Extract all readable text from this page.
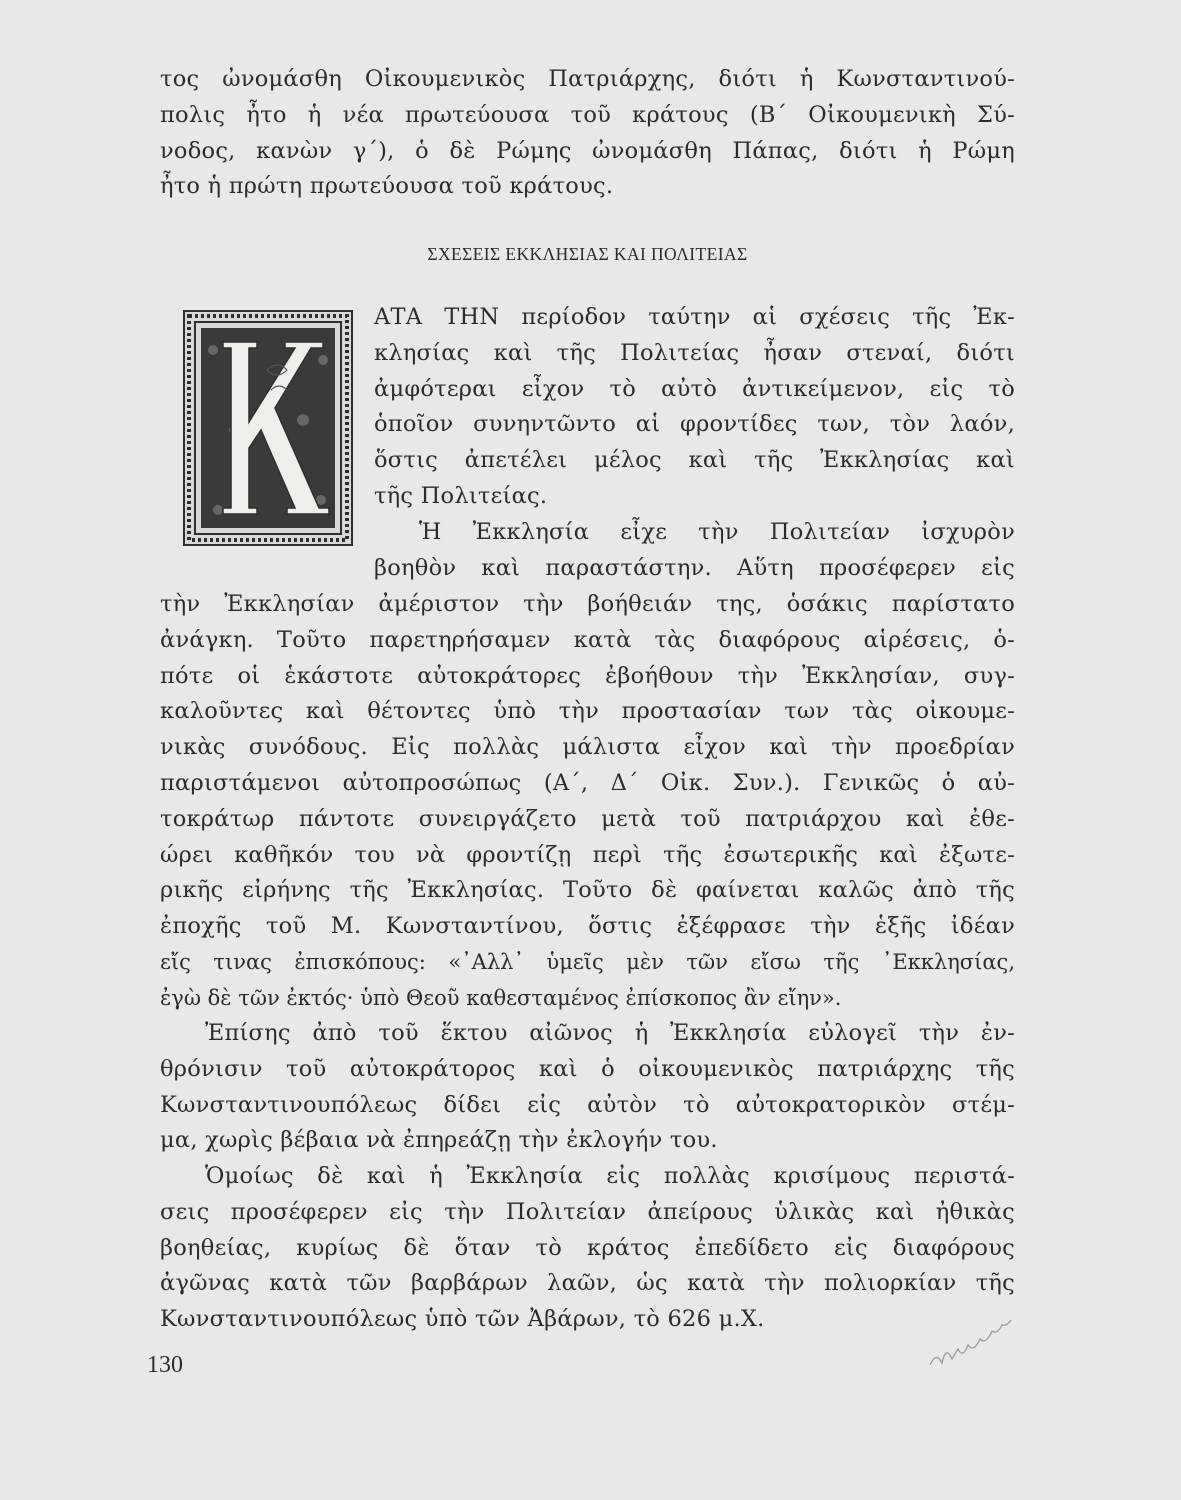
τος ὠνομάσθη Οἰκουμενικὸς Πατριάρχης, διότι ἡ Κωνσταντινού-
πολις ἦτο ἡ νέα πρωτεύουσα τοῦ κράτους (Β΄ Οἰκουμενικὴ Σύ-
νοδος, κανὼν γ΄), ὁ δὲ Ρώμης ὠνομάσθη Πάπας, διότι ἡ Ρώμη
ἦτο ἡ πρώτη πρωτεύουσα τοῦ κράτους.
ΣΧΕΣΕΙΣ ΕΚΚΛΗΣΙΑΣ ΚΑΙ ΠΟΛΙΤΕΙΑΣ
ΑΤΑ ΤΗΝ περίοδον ταύτην αἱ σχέσεις τῆς Ἐκ-
κλησίας καὶ τῆς Πολιτείας ἦσαν στεναί, διότι
ἀμφότεραι εἶχον τὸ αὐτὸ ἀντικείμενον, εἰς τὸ
ὁποῖον συνηντῶντο αἱ φροντίδες των, τὸν λαόν,
ὅστις ἀπετέλει μέλος καὶ τῆς Ἐκκλησίας καὶ
τῆς Πολιτείας.
Ἡ Ἐκκλησία εἶχε τὴν Πολιτείαν ἰσχυρὸν
βοηθὸν καὶ παραστάστην. Αὕτη προσέφερεν εἰς
τὴν Ἐκκλησίαν ἀμέριστον τὴν βοήθειάν της, ὁσάκις παρίστατο
ἀνάγκη. Τοῦτο παρετηρήσαμεν κατὰ τὰς διαφόρους αἱρέσεις, ὁ-
πότε οἱ ἑκάστοτε αὐτοκράτορες ἐβοήθουν τὴν Ἐκκλησίαν, συγ-
καλοῦντες καὶ θέτοντες ὑπὸ τὴν προστασίαν των τὰς οἰκουμε-
νικὰς συνόδους. Εἰς πολλὰς μάλιστα εἶχον καὶ τὴν προεδρίαν
παριστάμενοι αὐτοπροσώπως (Α΄, Δ΄ Οἰκ. Συν.). Γενικῶς ὁ αὐ-
τοκράτωρ πάντοτε συνειργάζετο μετὰ τοῦ πατριάρχου καὶ ἐθε-
ώρει καθῆκόν του νὰ φροντίζῃ περὶ τῆς ἐσωτερικῆς καὶ ἐξωτε-
ρικῆς εἰρήνης τῆς Ἐκκλησίας. Τοῦτο δὲ φαίνεται καλῶς ἀπὸ τῆς
ἐποχῆς τοῦ Μ. Κωνσταντίνου, ὅστις ἐξέφρασε τὴν ἑξῆς ἰδέαν
εἴς τινας ἐπισκόπους: «᾿Αλλ᾿ ὑμεῖς μὲν τῶν εἴσω τῆς ᾿Εκκλησίας,
ἐγὼ δὲ τῶν ἐκτός· ὑπὸ Θεοῦ καθεσταμένος ἐπίσκοπος ἂν εἴην».
Ἐπίσης ἀπὸ τοῦ ἕκτου αἰῶνος ἡ Ἐκκλησία εὐλογεῖ τὴν ἐν-
θρόνισιν τοῦ αὐτοκράτορος καὶ ὁ οἰκουμενικὸς πατριάρχης τῆς
Κωνσταντινουπόλεως δίδει εἰς αὐτὸν τὸ αὐτοκρατορικὸν στέμ-
μα, χωρὶς βέβαια νὰ ἐπηρεάζῃ τὴν ἐκλογήν του.
Ὁμοίως δὲ καὶ ἡ Ἐκκλησία εἰς πολλὰς κρισίμους περιστά-
σεις προσέφερεν εἰς τὴν Πολιτείαν ἀπείρους ὑλικὰς καὶ ἠθικὰς
βοηθείας, κυρίως δὲ ὅταν τὸ κράτος ἐπεδίδετο εἰς διαφόρους
ἀγῶνας κατὰ τῶν βαρβάρων λαῶν, ὡς κατὰ τὴν πολιορκίαν τῆς
Κωνσταντινουπόλεως ὑπὸ τῶν Ἀβάρων, τὸ 626 μ.Χ.
130
